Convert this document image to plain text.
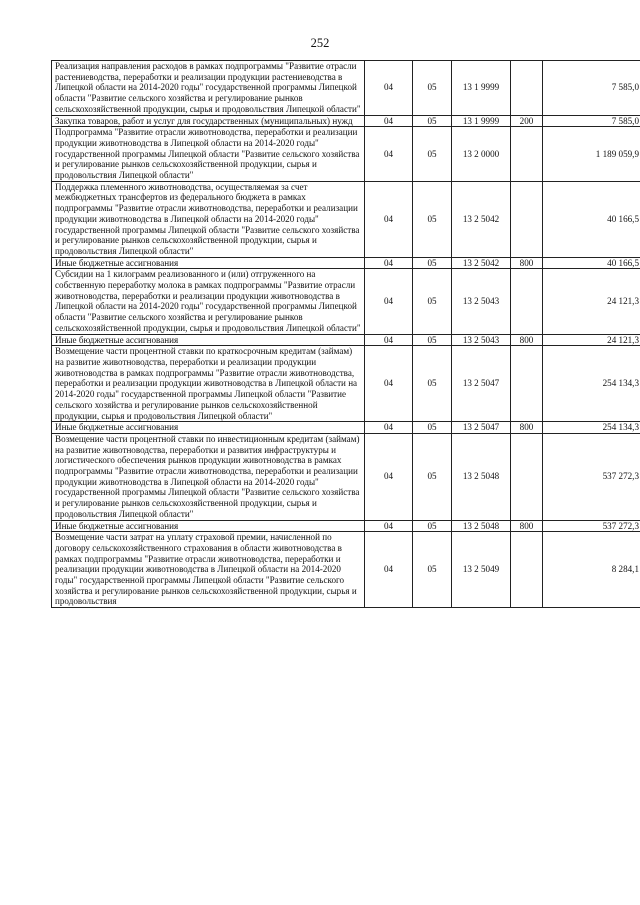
252
Реализация направления расходов в рамках подпрограммы "Развитие отрасли растениеводства, переработки и реализации продукции растениеводства в Липецкой области на 2014-2020 годы" государственной программы Липецкой области "Развитие сельского хозяйства и регулирование рынков сельскохозяйственной продукции, сырья и продовольствия Липецкой области"	04	05	13 1 9999		7 585,0
Закупка товаров, работ и услуг для государственных (муниципальных) нужд	04	05	13 1 9999	200	7 585,0
Подпрограмма "Развитие отрасли животноводства, переработки и реализации продукции животноводства в Липецкой области на 2014-2020 годы" государственной программы Липецкой области "Развитие сельского хозяйства и регулирование рынков сельскохозяйственной продукции, сырья и продовольствия Липецкой области"	04	05	13 2 0000		1 189 059,9
Поддержка племенного животноводства, осуществляемая за счет межбюджетных трансфертов из федерального бюджета в рамках подпрограммы "Развитие отрасли животноводства, переработки и реализации продукции животноводства в Липецкой области на 2014-2020 годы" государственной программы Липецкой области "Развитие сельского хозяйства и регулирование рынков сельскохозяйственной продукции, сырья и продовольствия Липецкой области"	04	05	13 2 5042		40 166,5
Иные бюджетные ассигнования	04	05	13 2 5042	800	40 166,5
Субсидии на 1 килограмм реализованного и (или) отгруженного на собственную переработку молока в рамках подпрограммы "Развитие отрасли животноводства, переработки и реализации продукции животноводства в Липецкой области на 2014-2020 годы" государственной программы Липецкой области "Развитие сельского хозяйства и регулирование рынков сельскохозяйственной продукции, сырья и продовольствия Липецкой области"	04	05	13 2 5043		24 121,3
Иные бюджетные ассигнования	04	05	13 2 5043	800	24 121,3
Возмещение части процентной ставки по краткосрочным кредитам (займам) на развитие животноводства, переработки и реализации продукции животноводства в рамках подпрограммы "Развитие отрасли животноводства, переработки и реализации продукции животноводства в Липецкой области на 2014-2020 годы" государственной программы Липецкой области "Развитие сельского хозяйства и регулирование рынков сельскохозяйственной продукции, сырья и продовольствия Липецкой области"	04	05	13 2 5047		254 134,3
Иные бюджетные ассигнования	04	05	13 2 5047	800	254 134,3
Возмещение части процентной ставки по инвестиционным кредитам (займам) на развитие животноводства, переработки и развития инфраструктуры и логистического обеспечения рынков продукции животноводства в рамках подпрограммы "Развитие отрасли животноводства, переработки и реализации продукции животноводства в Липецкой области на 2014-2020 годы" государственной программы Липецкой области "Развитие сельского хозяйства и регулирование рынков сельскохозяйственной продукции, сырья и продовольствия Липецкой области"	04	05	13 2 5048		537 272,3
Иные бюджетные ассигнования	04	05	13 2 5048	800	537 272,3
Возмещение части затрат на уплату страховой премии, начисленной по договору сельскохозяйственного страхования в области животноводства в рамках подпрограммы "Развитие отрасли животноводства, переработки и реализации продукции животноводства в Липецкой области на 2014-2020 годы" государственной программы Липецкой области "Развитие сельского хозяйства и регулирование рынков сельскохозяйственной продукции, сырья и продовольствия	04	05	13 2 5049		8 284,1
